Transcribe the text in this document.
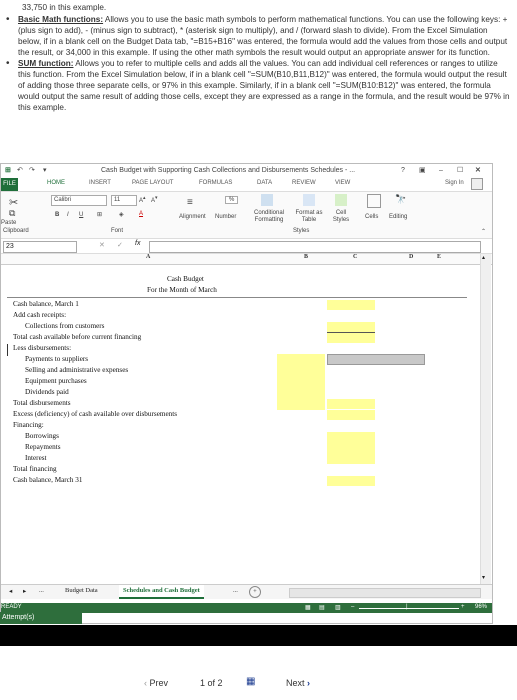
33,750 in this example.
• Basic Math functions: Allows you to use the basic math symbols to perform mathematical functions. You can use the following keys: + (plus sign to add), - (minus sign to subtract), * (asterisk sign to multiply), and / (forward slash to divide). From the Excel Simulation below, if in a blank cell on the Budget Data tab, "=B15+B16" was entered, the formula would add the values from those cells and output the result, or 34,000 in this example. If using the other math symbols the result would output an appropriate answer for its function.
• SUM function: Allows you to refer to multiple cells and adds all the values. You can add individual cell references or ranges to utilize this function. From the Excel Simulation below, if in a blank cell "=SUM(B10,B11,B12)" was entered, the formula would output the result of adding those three separate cells, or 97% in this example. Similarly, if in a blank cell "=SUM(B10:B12)" was entered, the formula would output the same result of adding those cells, except they are expressed as a range in the formula, and the result would be 97% in this example.
⊞ ↶ ↷ ▾	Cash Budget with Supporting Cash Collections and Disbursements Schedules - ...	? ▣ – ☐ ✕
FILE	HOME	INSERT	PAGE LAYOUT	FORMULAS	DATA	REVIEW	VIEW	Sign In
✂
⧉
Paste
Calibri	11	A▴ A▾
B I U ⊞	◈	A
≡
Alignment
%
Number
Conditional Formatting
Format as Table
Cell Styles	Cells
🔭
Editing
Clipboard	Font	Styles	⌃
23	✕ ✓ fx
A	B	C	D	E
Cash Budget
For the Month of March
Cash balance, March 1
Add cash receipts:
Collections from customers
Total cash available before current financing
Less disbursements:
Payments to suppliers
Selling and administrative expenses
Equipment purchases
Dividends paid
Total disbursements
Excess (deficiency) of cash available over disbursements
Financing:
Borrowings
Repayments
Interest
Total financing
Cash balance, March 31
▴
▾
◂ ▸ ...	Budget Data	Schedules and Cash Budget	...	+
READY	▦ ▤ ▥ –	|	+ 96%
Attempt(s)
‹ Prev	1 of 2 ▦	Next ›
